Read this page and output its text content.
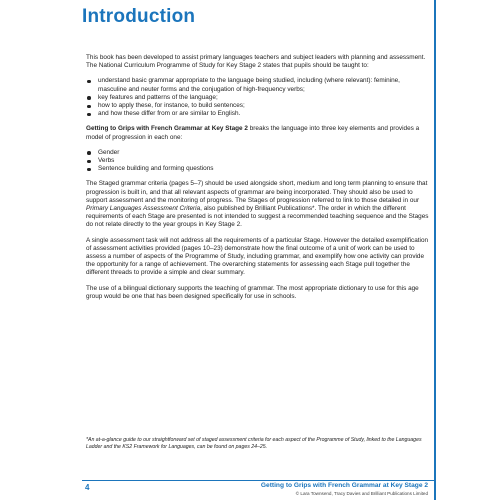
Introduction

This book has been developed to assist primary languages teachers and subject leaders with planning and assessment. The National Curriculum Programme of Study for Key Stage 2 states that pupils should be taught to:

understand basic grammar appropriate to the language being studied, including (where relevant): feminine, masculine and neuter forms and the conjugation of high-frequency verbs;
key features and patterns of the language;
how to apply these, for instance, to build sentences;
and how these differ from or are similar to English.

Getting to Grips with French Grammar at Key Stage 2 breaks the language into three key elements and provides a model of progression in each one:

Gender
Verbs
Sentence building and forming questions

The Staged grammar criteria (pages 5–7) should be used alongside short, medium and long term planning to ensure that progression is built in, and that all relevant aspects of grammar are being incorporated. They should also be used to support assessment and the monitoring of progress. The Stages of progression referred to link to those detailed in our Primary Languages Assessment Criteria, also published by Brilliant Publications*. The order in which the different requirements of each Stage are presented is not intended to suggest a recommended teaching sequence and the Stages do not relate directly to the year groups in Key Stage 2.

A single assessment task will not address all the requirements of a particular Stage. However the detailed exemplification of assessment activities provided (pages 10–23) demonstrate how the final outcome of a unit of work can be used to assess a number of aspects of the Programme of Study, including grammar, and exemplify how one activity can provide the opportunity for a range of achievement. The overarching statements for assessing each Stage pull together the different threads to provide a simple and clear summary.

The use of a bilingual dictionary supports the teaching of grammar. The most appropriate dictionary to use for this age group would be one that has been designed specifically for use in schools.

*An at-a-glance guide to our straightforward set of staged assessment criteria for each aspect of the Programme of Study, linked to the Languages Ladder and the KS2 Framework for Languages, can be found on pages 24–25.
4	Getting to Grips with French Grammar at Key Stage 2
© Lara Townsend, Tracy Davies and Brilliant Publications Limited
